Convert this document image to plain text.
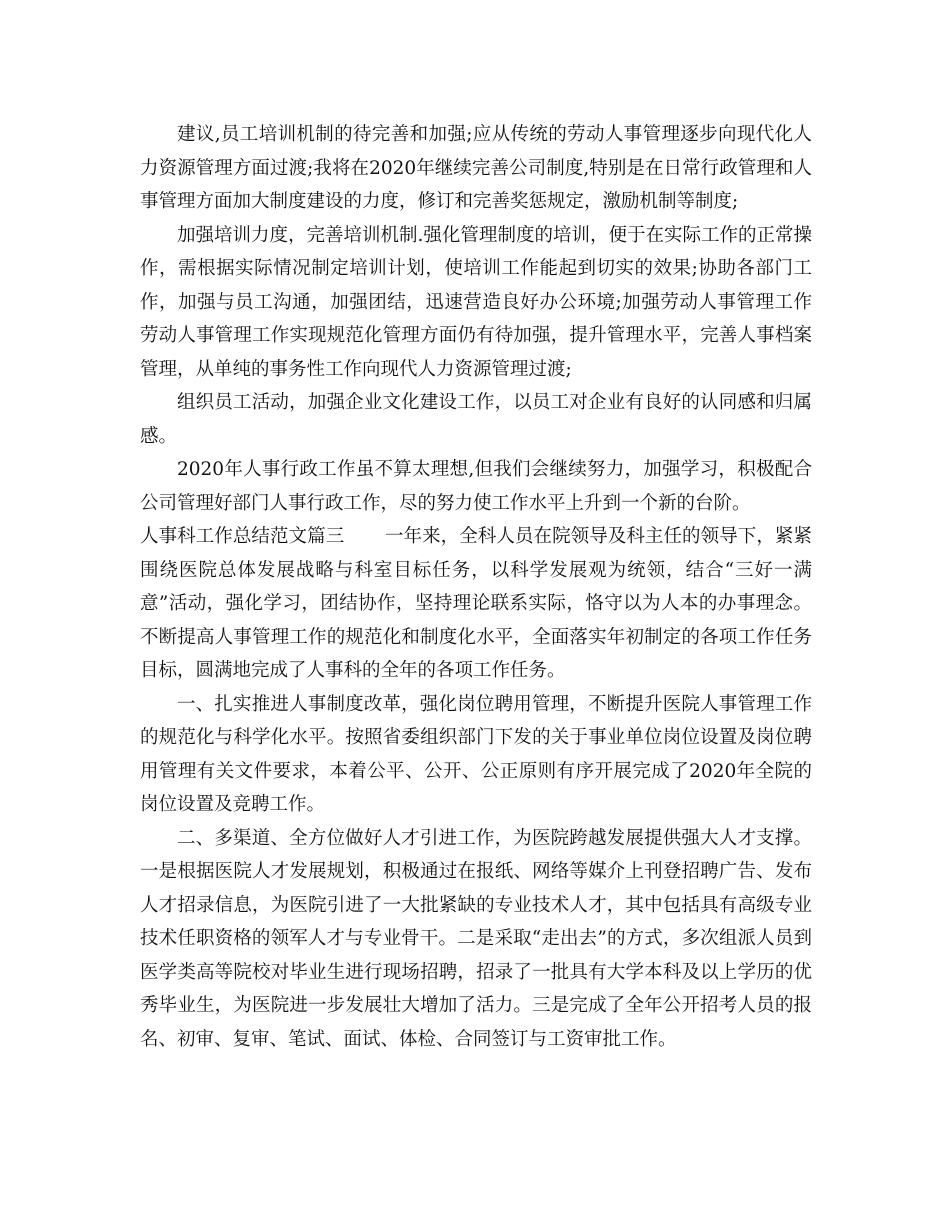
建议,员工培训机制的待完善和加强;应从传统的劳动人事管理逐步向现代化人力资源管理方面过渡;我将在2020年继续完善公司制度,特别是在日常行政管理和人事管理方面加大制度建设的力度，修订和完善奖惩规定，激励机制等制度;

加强培训力度，完善培训机制.强化管理制度的培训，便于在实际工作的正常操作，需根据实际情况制定培训计划，使培训工作能起到切实的效果;协助各部门工作，加强与员工沟通，加强团结，迅速营造良好办公环境;加强劳动人事管理工作劳动人事管理工作实现规范化管理方面仍有待加强，提升管理水平，完善人事档案管理，从单纯的事务性工作向现代人力资源管理过渡;

组织员工活动，加强企业文化建设工作，以员工对企业有良好的认同感和归属感。

2020年人事行政工作虽不算太理想,但我们会继续努力，加强学习，积极配合公司管理好部门人事行政工作，尽的努力使工作水平上升到一个新的台阶。

人事科工作总结范文篇三 一年来，全科人员在院领导及科主任的领导下，紧紧围绕医院总体发展战略与科室目标任务，以科学发展观为统领，结合“三好一满意”活动，强化学习，团结协作，坚持理论联系实际，恪守以为人本的办事理念。不断提高人事管理工作的规范化和制度化水平，全面落实年初制定的各项工作任务目标，圆满地完成了人事科的全年的各项工作任务。

一、扎实推进人事制度改革，强化岗位聘用管理，不断提升医院人事管理工作的规范化与科学化水平。按照省委组织部门下发的关于事业单位岗位设置及岗位聘用管理有关文件要求，本着公平、公开、公正原则有序开展完成了2020年全院的岗位设置及竞聘工作。

二、多渠道、全方位做好人才引进工作，为医院跨越发展提供强大人才支撑。一是根据医院人才发展规划，积极通过在报纸、网络等媒介上刊登招聘广告、发布人才招录信息，为医院引进了一大批紧缺的专业技术人才，其中包括具有高级专业技术任职资格的领军人才与专业骨干。二是采取“走出去”的方式，多次组派人员到医学类高等院校对毕业生进行现场招聘，招录了一批具有大学本科及以上学历的优秀毕业生，为医院进一步发展壮大增加了活力。三是完成了全年公开招考人员的报名、初审、复审、笔试、面试、体检、合同签订与工资审批工作。
